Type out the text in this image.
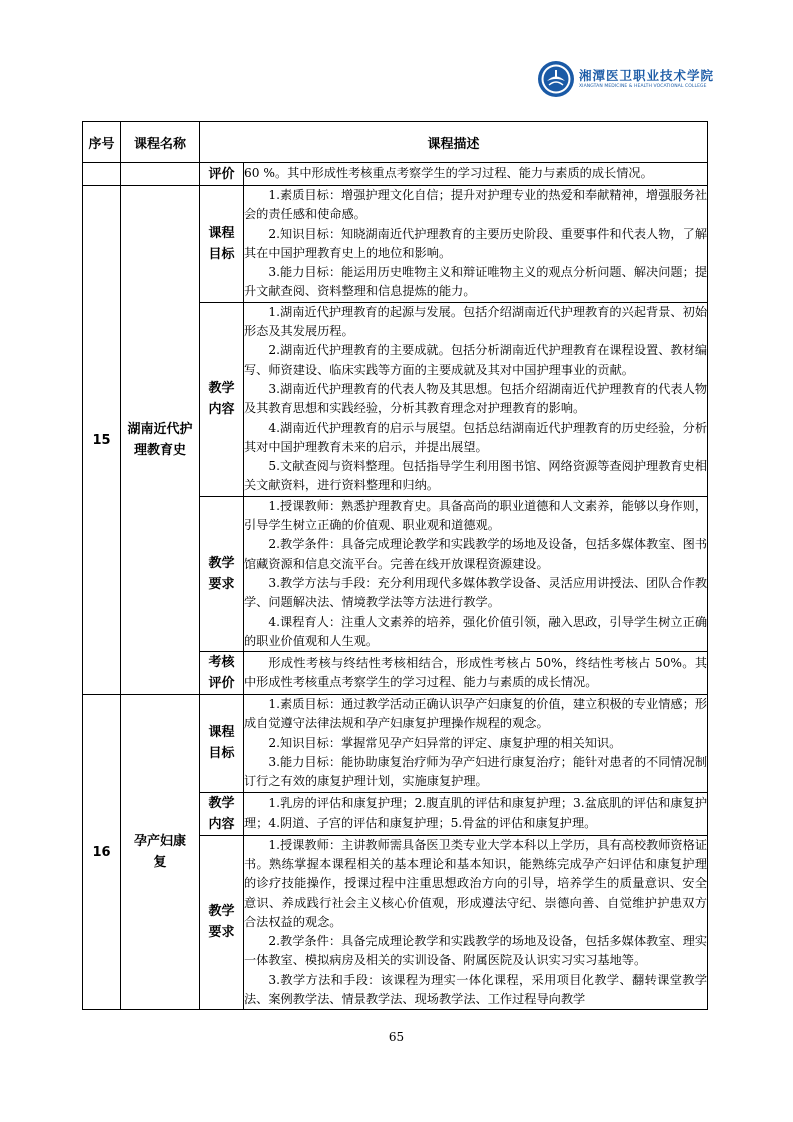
湘潭医卫职业技术学院
XIANGTAN MEDICINE & HEALTH VOCATIONAL COLLEGE
序号	课程名称	课程描述	
		评价	60 %。其中形成性考核重点考察学生的学习过程、能力与素质的成长情况。

15	湖南近代护理教育史	课程目标	1.素质目标：增强护理文化自信；提升对护理专业的热爱和奉献精神，增强服务社会的责任感和使命感。

2.知识目标：知晓湖南近代护理教育的主要历史阶段、重要事件和代表人物，了解其在中国护理教育史上的地位和影响。

3.能力目标：能运用历史唯物主义和辩证唯物主义的观点分析问题、解决问题；提升文献查阅、资料整理和信息提炼的能力。

		教学内容	1.湖南近代护理教育的起源与发展。包括介绍湖南近代护理教育的兴起背景、初始形态及其发展历程。

2.湖南近代护理教育的主要成就。包括分析湖南近代护理教育在课程设置、教材编写、师资建设、临床实践等方面的主要成就及其对中国护理事业的贡献。

3.湖南近代护理教育的代表人物及其思想。包括介绍湖南近代护理教育的代表人物及其教育思想和实践经验，分析其教育理念对护理教育的影响。

4.湖南近代护理教育的启示与展望。包括总结湖南近代护理教育的历史经验，分析其对中国护理教育未来的启示，并提出展望。

5.文献查阅与资料整理。包括指导学生利用图书馆、网络资源等查阅护理教育史相关文献资料，进行资料整理和归纳。

		教学要求	1.授课教师：熟悉护理教育史。具备高尚的职业道德和人文素养，能够以身作则，引导学生树立正确的价值观、职业观和道德观。

2.教学条件：具备完成理论教学和实践教学的场地及设备，包括多媒体教室、图书馆藏资源和信息交流平台。完善在线开放课程资源建设。

3.教学方法与手段：充分利用现代多媒体教学设备、灵活应用讲授法、团队合作教学、问题解决法、情境教学法等方法进行教学。

4.课程育人：注重人文素养的培养，强化价值引领，融入思政，引导学生树立正确的职业价值观和人生观。

		考核评价	形成性考核与终结性考核相结合，形成性考核占 50%，终结性考核占 50%。其中形成性考核重点考察学生的学习过程、能力与素质的成长情况。

16	孕产妇康复	课程目标	1.素质目标：通过教学活动正确认识孕产妇康复的价值，建立积极的专业情感；形成自觉遵守法律法规和孕产妇康复护理操作规程的观念。

2.知识目标：掌握常见孕产妇异常的评定、康复护理的相关知识。

3.能力目标：能协助康复治疗师为孕产妇进行康复治疗；能针对患者的不同情况制订行之有效的康复护理计划，实施康复护理。

		教学内容	1.乳房的评估和康复护理；2.腹直肌的评估和康复护理；3.盆底肌的评估和康复护理；4.阴道、子宫的评估和康复护理；5.骨盆的评估和康复护理。

		教学要求	1.授课教师：主讲教师需具备医卫类专业大学本科以上学历，具有高校教师资格证书。熟练掌握本课程相关的基本理论和基本知识，能熟练完成孕产妇评估和康复护理的诊疗技能操作，授课过程中注重思想政治方向的引导，培养学生的质量意识、安全意识、养成践行社会主义核心价值观，形成遵法守纪、崇德向善、自觉维护护患双方合法权益的观念。

2.教学条件：具备完成理论教学和实践教学的场地及设备，包括多媒体教室、理实一体教室、模拟病房及相关的实训设备、附属医院及认识实习实习基地等。

3.教学方法和手段：该课程为理实一体化课程，采用项目化教学、翻转课堂教学法、案例教学法、情景教学法、现场教学法、工作过程导向教学

65
